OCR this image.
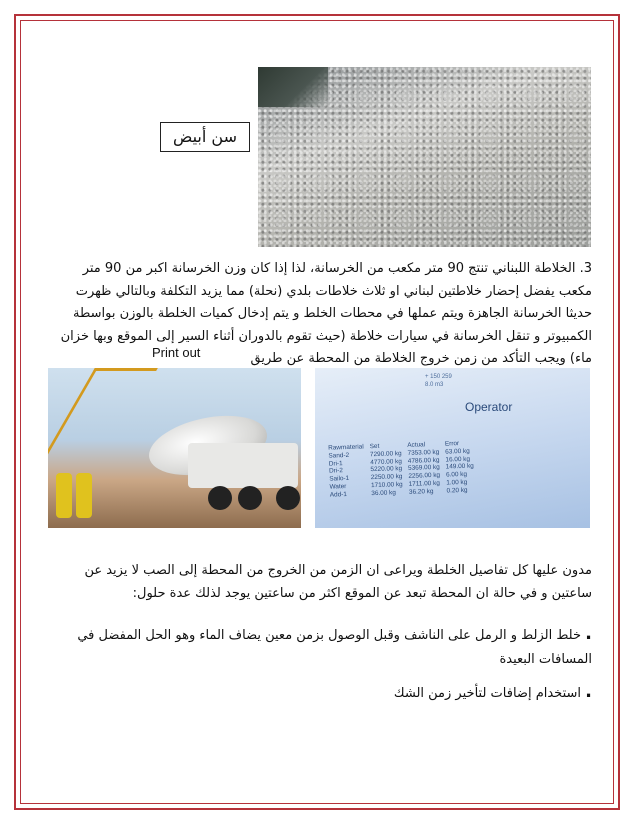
سن أبيض

3. الخلاطة اللبناني تنتج 90 متر مكعب من الخرسانة، لذا إذا كان وزن الخرسانة اكبر من 90 متر مكعب يفضل إحضار خلاطتين لبناني او ثلاث خلاطات بلدي (نحلة) مما يزيد التكلفة وبالتالي ظهرت حديثا الخرسانة الجاهزة ويتم عملها في محطات الخلط و يتم إدخال كميات الخلطة بالوزن بواسطة الكمبيوتر و تنقل الخرسانة في سيارات خلاطة (حيث تقوم بالدوران أثناء السير إلى الموقع وبها خزان ماء) ويجب التأكد من زمن خروج الخلاطة من المحطة عن طريق

Print out
+ 150 259
8.0 m3
Operator
Rawmaterial	Set	Actual	Error
Sand-2	7290.00 kg	7353.00 kg	63.00 kg
Dri-1	4770.00 kg	4786.00 kg	16.00 kg
Dri-2	5220.00 kg	5369.00 kg	149.00 kg
Sailo-1	2250.00 kg	2256.00 kg	6.00 kg
Water	1710.00 kg	1711.00 kg	1.00 kg
Add-1	36.00 kg	36.20 kg	0.20 kg

مدون عليها كل تفاصيل الخلطة ويراعى ان الزمن من الخروج من المحطة إلى الصب لا يزيد عن ساعتين و في حالة ان المحطة تبعد عن الموقع اكثر من ساعتين يوجد لذلك عدة حلول:

. خلط الزلط و الرمل على الناشف وقبل الوصول بزمن معين يضاف الماء وهو الحل المفضل في المسافات البعيدة

. استخدام إضافات لتأخير زمن الشك
